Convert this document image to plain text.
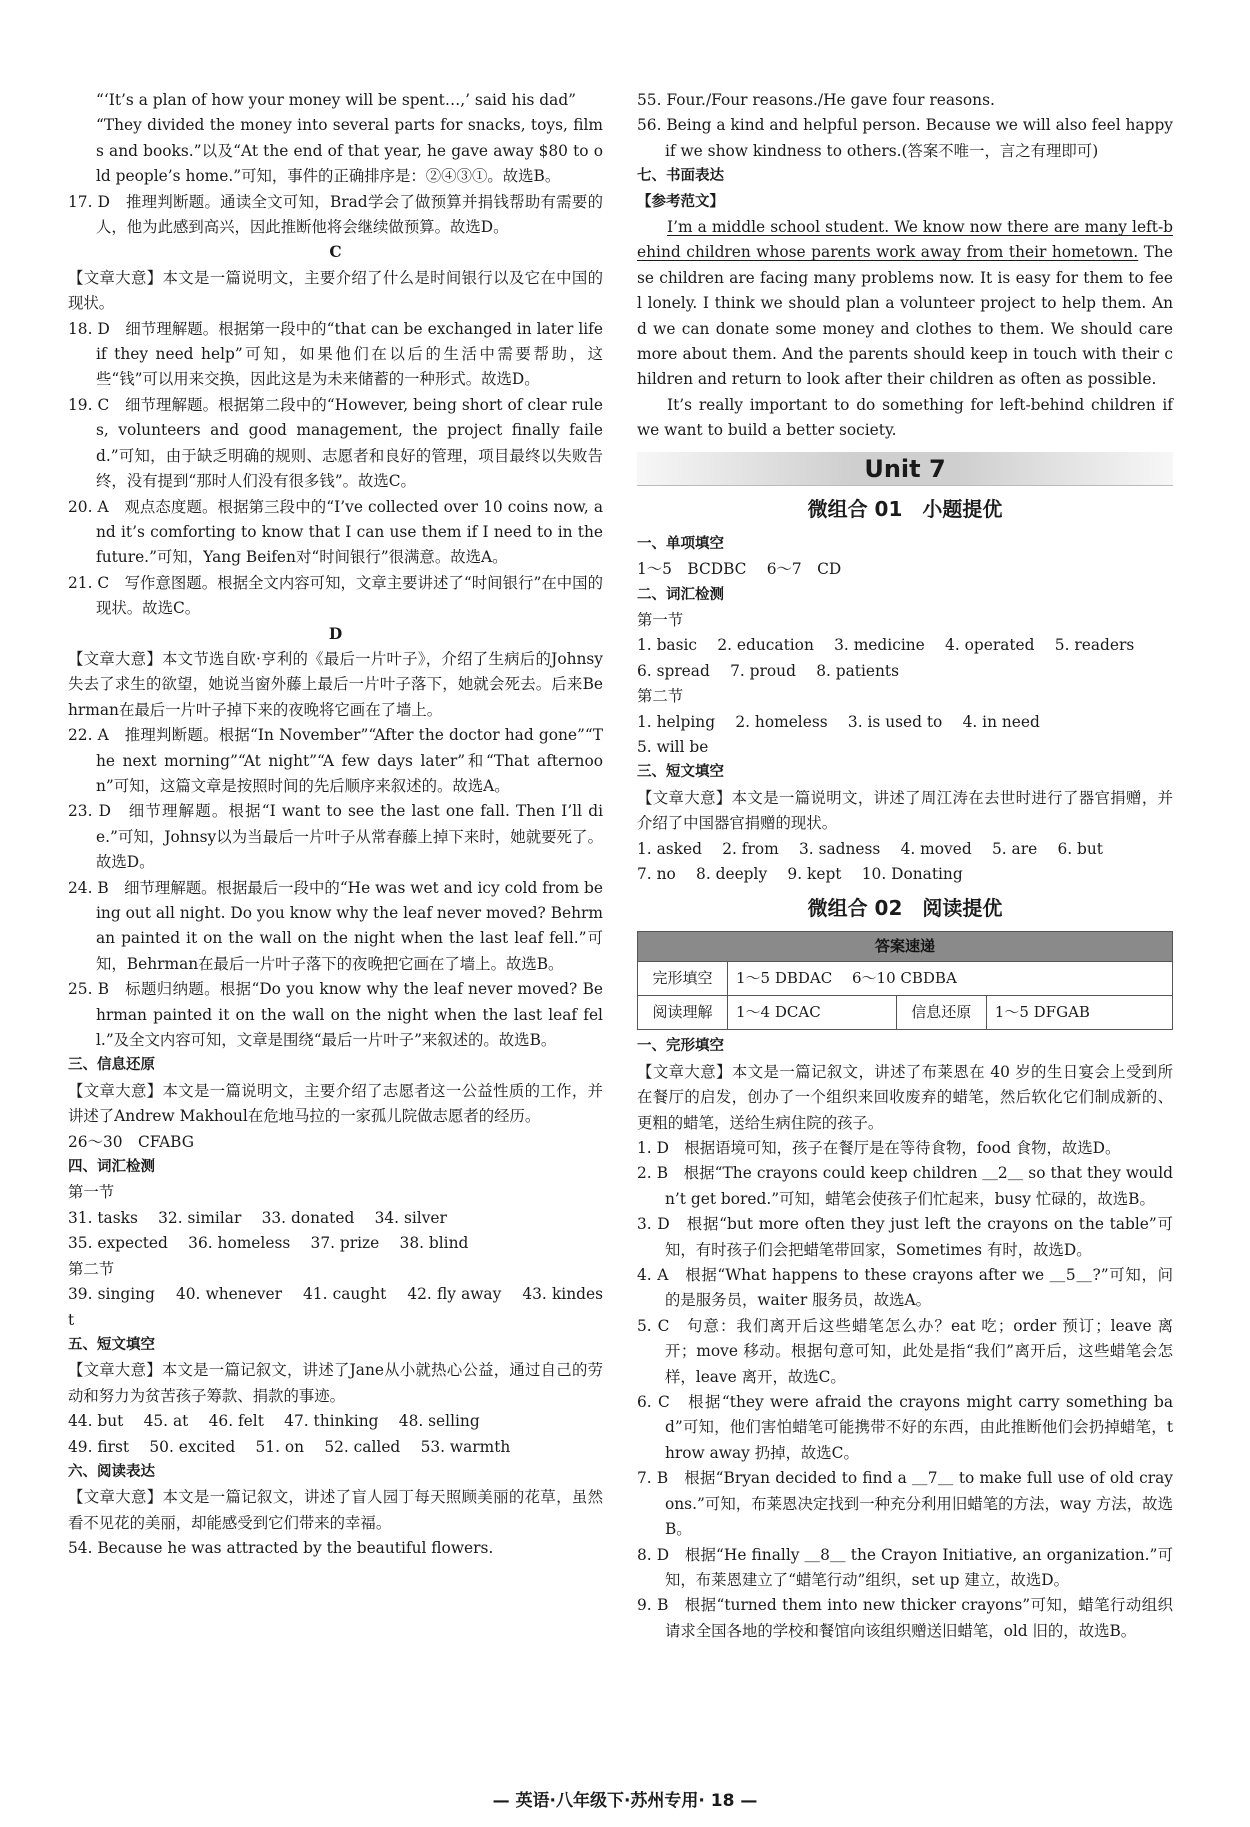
“‘It’s a plan of how your money will be spent…,’ said his dad”
“They divided the money into several parts for snacks, toys, films and books.”以及“At the end of that year, he gave away $80 to old people’s home.”可知，事件的正确排序是：②④③①。故选B。
17. D　推理判断题。通读全文可知，Brad学会了做预算并捐钱帮助有需要的人，他为此感到高兴，因此推断他将会继续做预算。故选D。
C
【文章大意】本文是一篇说明文，主要介绍了什么是时间银行以及它在中国的现状。
18. D　细节理解题。根据第一段中的“that can be exchanged in later life if they need help”可知，如果他们在以后的生活中需要帮助，这些“钱”可以用来交换，因此这是为未来储蓄的一种形式。故选D。
19. C　细节理解题。根据第二段中的“However, being short of clear rules, volunteers and good management, the project finally failed.”可知，由于缺乏明确的规则、志愿者和良好的管理，项目最终以失败告终，没有提到“那时人们没有很多钱”。故选C。
20. A　观点态度题。根据第三段中的“I’ve collected over 10 coins now, and it’s comforting to know that I can use them if I need to in the future.”可知，Yang Beifen对“时间银行”很满意。故选A。
21. C　写作意图题。根据全文内容可知，文章主要讲述了“时间银行”在中国的现状。故选C。
D
【文章大意】本文节选自欧·亨利的《最后一片叶子》，介绍了生病后的Johnsy失去了求生的欲望，她说当窗外藤上最后一片叶子落下，她就会死去。后来Behrman在最后一片叶子掉下来的夜晚将它画在了墙上。
22. A　推理判断题。根据“In November”“After the doctor had gone”“The next morning”“At night”“A few days later”和“That afternoon”可知，这篇文章是按照时间的先后顺序来叙述的。故选A。
23. D　细节理解题。根据“I want to see the last one fall. Then I’ll die.”可知，Johnsy以为当最后一片叶子从常春藤上掉下来时，她就要死了。故选D。
24. B　细节理解题。根据最后一段中的“He was wet and icy cold from being out all night. Do you know why the leaf never moved? Behrman painted it on the wall on the night when the last leaf fell.”可知，Behrman在最后一片叶子落下的夜晚把它画在了墙上。故选B。
25. B　标题归纳题。根据“Do you know why the leaf never moved? Behrman painted it on the wall on the night when the last leaf fell.”及全文内容可知，文章是围绕“最后一片叶子”来叙述的。故选B。
三、信息还原
【文章大意】本文是一篇说明文，主要介绍了志愿者这一公益性质的工作，并讲述了Andrew Makhoul在危地马拉的一家孤儿院做志愿者的经历。
26～30　CFABG
四、词汇检测
第一节
31. tasks　 32. similar　 33. donated　 34. silver
35. expected　 36. homeless　 37. prize　 38. blind
第二节
39. singing　 40. whenever　 41. caught　 42. fly away　 43. kindest
五、短文填空
【文章大意】本文是一篇记叙文，讲述了Jane从小就热心公益，通过自己的劳动和努力为贫苦孩子筹款、捐款的事迹。
44. but　 45. at　 46. felt　 47. thinking　 48. selling
49. first　 50. excited　 51. on　 52. called　 53. warmth
六、阅读表达
【文章大意】本文是一篇记叙文，讲述了盲人园丁每天照顾美丽的花草，虽然看不见花的美丽，却能感受到它们带来的幸福。
54. Because he was attracted by the beautiful flowers.
55. Four./Four reasons./He gave four reasons.
56. Being a kind and helpful person. Because we will also feel happy if we show kindness to others.(答案不唯一，言之有理即可)
七、书面表达
【参考范文】
I’m a middle school student. We know now there are many left-behind children whose parents work away from their hometown. These children are facing many problems now. It is easy for them to feel lonely. I think we should plan a volunteer project to help them. And we can donate some money and clothes to them. We should care more about them. And the parents should keep in touch with their children and return to look after their children as often as possible.
It’s really important to do something for left-behind children if we want to build a better society.
Unit 7
微组合 01　小题提优
一、单项填空
1～5　BCDBC　 6～7　CD
二、词汇检测
第一节
1. basic　 2. education　 3. medicine　 4. operated　 5. readers
6. spread　 7. proud　 8. patients
第二节
1. helping　 2. homeless　 3. is used to　 4. in need
5. will be
三、短文填空
【文章大意】本文是一篇说明文，讲述了周江涛在去世时进行了器官捐赠，并介绍了中国器官捐赠的现状。
1. asked　 2. from　 3. sadness　 4. moved　 5. are　 6. but
7. no　 8. deeply　 9. kept　 10. Donating
微组合 02　阅读提优
答案速递			
完形填空	1～5 DBDAC　 6～10 CBDBA		
阅读理解	1～4 DCAC	信息还原	1～5 DFGAB
一、完形填空
【文章大意】本文是一篇记叙文，讲述了布莱恩在 40 岁的生日宴会上受到所在餐厅的启发，创办了一个组织来回收废弃的蜡笔，然后软化它们制成新的、更粗的蜡笔，送给生病住院的孩子。
1. D　根据语境可知，孩子在餐厅是在等待食物，food 食物，故选D。
2. B　根据“The crayons could keep children ＿2＿ so that they wouldn’t get bored.”可知，蜡笔会使孩子们忙起来，busy 忙碌的，故选B。
3. D　根据“but more often they just left the crayons on the table”可知，有时孩子们会把蜡笔带回家，Sometimes 有时，故选D。
4. A　根据“What happens to these crayons after we ＿5＿?”可知，问的是服务员，waiter 服务员，故选A。
5. C　句意：我们离开后这些蜡笔怎么办？eat 吃；order 预订；leave 离开；move 移动。根据句意可知，此处是指“我们”离开后，这些蜡笔会怎样，leave 离开，故选C。
6. C　根据“they were afraid the crayons might carry something bad”可知，他们害怕蜡笔可能携带不好的东西，由此推断他们会扔掉蜡笔，throw away 扔掉，故选C。
7. B　根据“Bryan decided to find a ＿7＿ to make full use of old crayons.”可知，布莱恩决定找到一种充分利用旧蜡笔的方法，way 方法，故选B。
8. D　根据“He finally ＿8＿ the Crayon Initiative, an organization.”可知，布莱恩建立了“蜡笔行动”组织，set up 建立，故选D。
9. B　根据“turned them into new thicker crayons”可知，蜡笔行动组织请求全国各地的学校和餐馆向该组织赠送旧蜡笔，old 旧的，故选B。
— 英语·八年级下·苏州专用· 18 —
